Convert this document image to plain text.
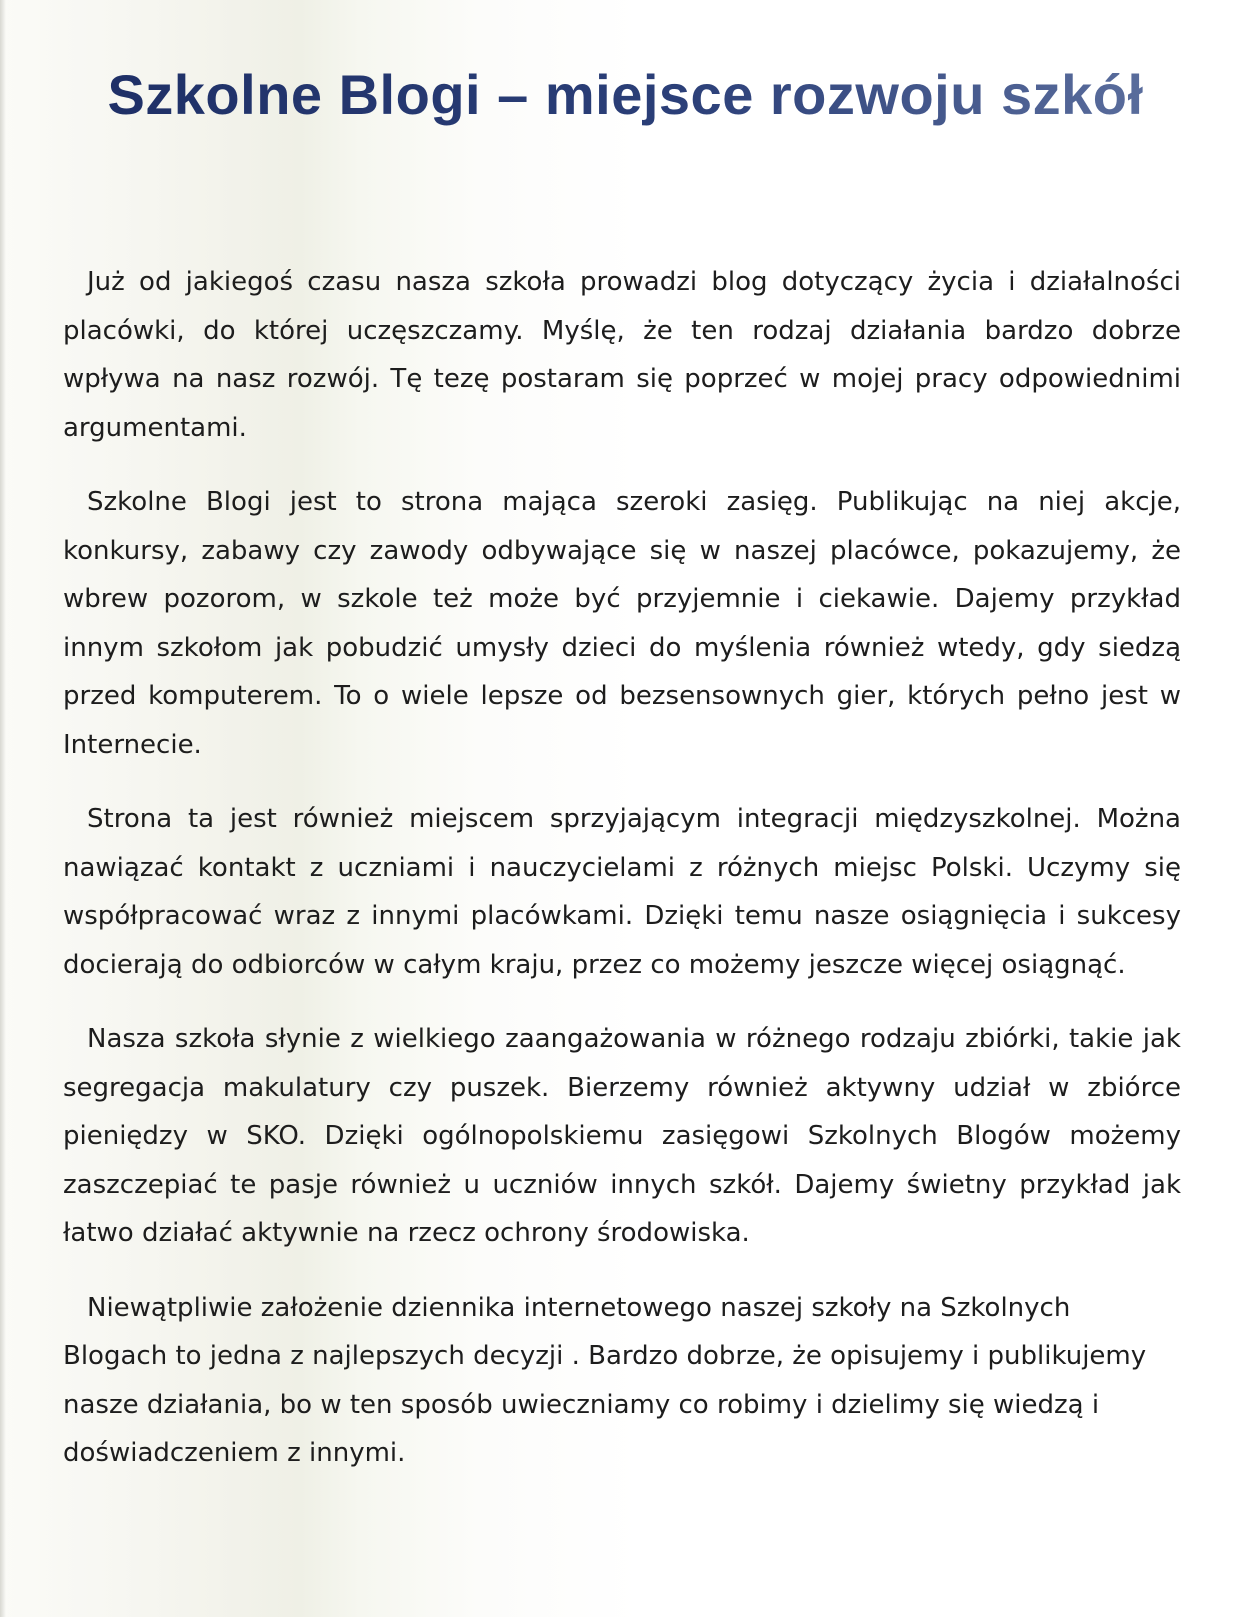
Szkolne Blogi – miejsce rozwoju szkół

Już od jakiegoś czasu nasza szkoła prowadzi blog dotyczący życia i działalności placówki, do której uczęszczamy. Myślę, że ten rodzaj działania bardzo dobrze wpływa na nasz rozwój. Tę tezę postaram się poprzeć w mojej pracy odpowiednimi argumentami.

Szkolne Blogi jest to strona mająca szeroki zasięg. Publikując na niej akcje, konkursy, zabawy czy zawody odbywające się w naszej placówce, pokazujemy, że wbrew pozorom, w szkole też może być przyjemnie i ciekawie. Dajemy przykład innym szkołom jak pobudzić umysły dzieci do myślenia również wtedy, gdy siedzą przed komputerem. To o wiele lepsze od bezsensownych gier, których pełno jest w Internecie.

Strona ta jest również miejscem sprzyjającym integracji międzyszkolnej. Można nawiązać kontakt z uczniami i nauczycielami z różnych miejsc Polski. Uczymy się współpracować wraz z innymi placówkami. Dzięki temu nasze osiągnięcia i sukcesy docierają do odbiorców w całym kraju, przez co możemy jeszcze więcej osiągnąć.

Nasza szkoła słynie z wielkiego zaangażowania w różnego rodzaju zbiórki, takie jak segregacja makulatury czy puszek. Bierzemy również aktywny udział w zbiórce pieniędzy w SKO. Dzięki ogólnopolskiemu zasięgowi Szkolnych Blogów możemy zaszczepiać te pasje również u uczniów innych szkół. Dajemy świetny przykład jak łatwo działać aktywnie na rzecz ochrony środowiska.

Niewątpliwie założenie dziennika internetowego naszej szkoły na Szkolnych Blogach to jedna z najlepszych decyzji . Bardzo dobrze, że opisujemy i publikujemy nasze działania, bo w ten sposób uwieczniamy co robimy i dzielimy się wiedzą i doświadczeniem z innymi.
